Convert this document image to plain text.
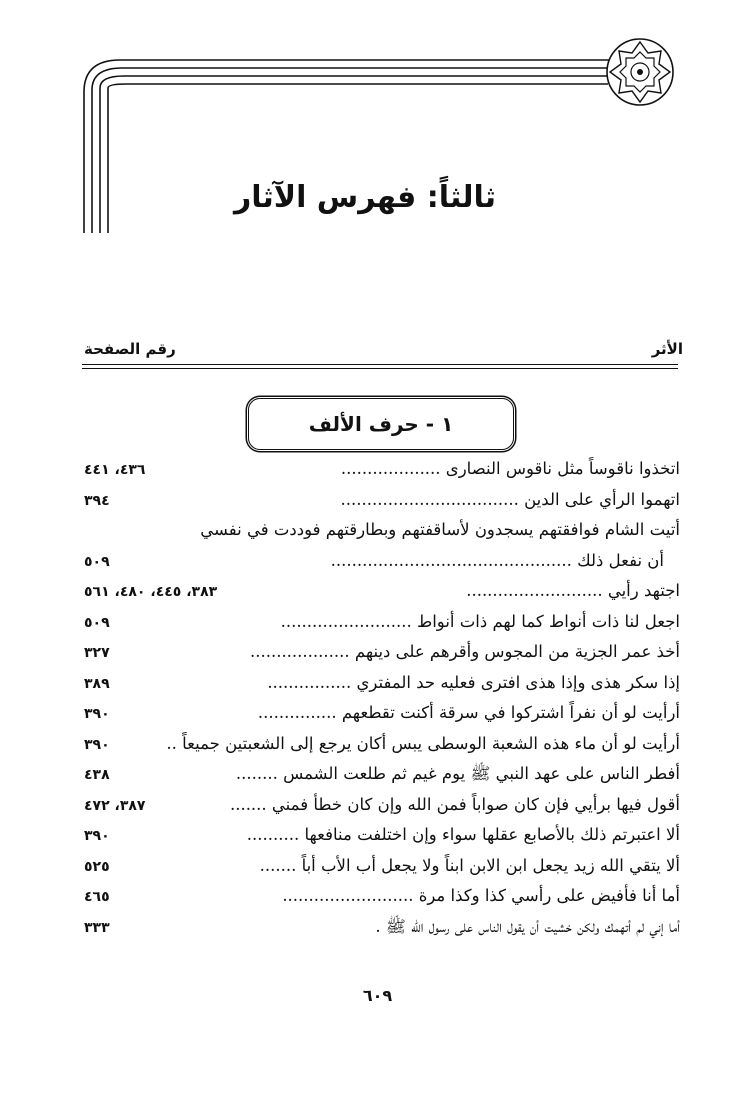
ثالثاً: فهرس الآثار
الأثر
رقم الصفحة
١ - حرف الألف
اتخذوا ناقوساً مثل ناقوس النصارى ...................
٤٣٦، ٤٤١
اتهموا الرأي على الدين ..................................
٣٩٤
أتيت الشام فوافقتهم يسجدون لأساقفتهم وبطارقتهم فوددت في نفسي
أن نفعل ذلك ..............................................
٥٠٩
اجتهد رأيي ..........................
٣٨٣، ٤٤٥، ٤٨٠، ٥٦١
اجعل لنا ذات أنواط كما لهم ذات أنواط .........................
٥٠٩
أخذ عمر الجزية من المجوس وأقرهم على دينهم ...................
٣٢٧
إذا سكر هذى وإذا هذى افترى فعليه حد المفتري ................
٣٨٩
أرأيت لو أن نفراً اشتركوا في سرقة أكنت تقطعهم ...............
٣٩٠
أرأيت لو أن ماء هذه الشعبة الوسطى يبس أكان يرجع إلى الشعبتين جميعاً ..
٣٩٠
أفطر الناس على عهد النبي ﷺ يوم غيم ثم طلعت الشمس ........
٤٣٨
أقول فيها برأيي فإن كان صواباً فمن الله وإن كان خطأ فمني .......
٣٨٧، ٤٧٢
ألا اعتبرتم ذلك بالأصابع عقلها سواء وإن اختلفت منافعها ..........
٣٩٠
ألا يتقي الله زيد يجعل ابن الابن ابناً ولا يجعل أب الأب أباً .......
٥٢٥
أما أنا فأفيض على رأسي كذا وكذا مرة .........................
٤٦٥
أما إني لم أتهمك ولكن خشيت أن يقول الناس على رسول الله ﷺ .
٣٣٣
٦٠٩
